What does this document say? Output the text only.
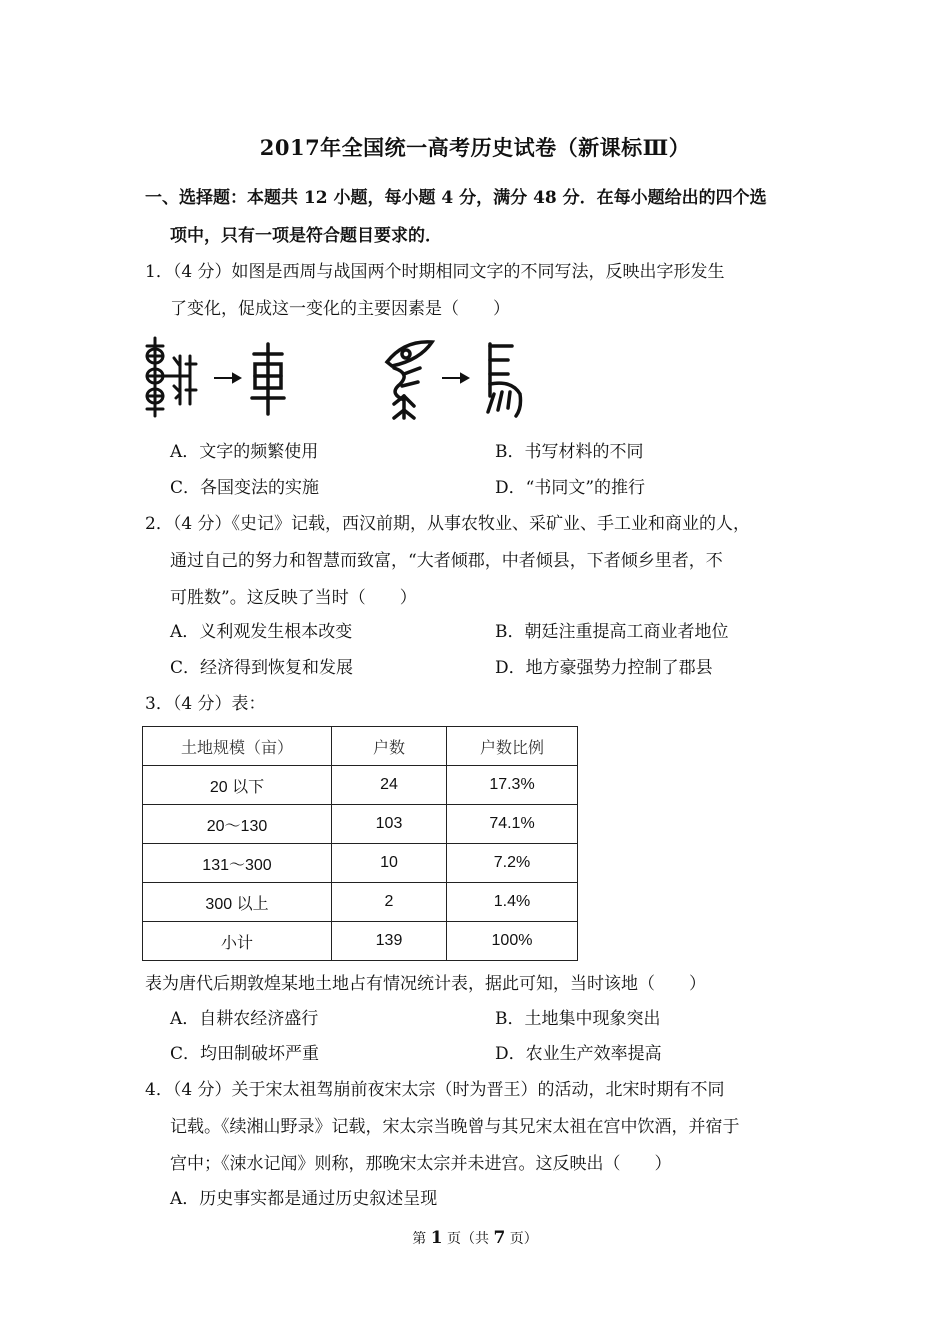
2017年全国统一高考历史试卷（新课标Ⅲ）
一、选择题：本题共 12 小题，每小题 4 分，满分 48 分．在每小题给出的四个选
项中，只有一项是符合题目要求的．
1．（4 分）如图是西周与战国两个时期相同文字的不同写法，反映出字形发生
了变化，促成这一变化的主要因素是（　　）
A．文字的频繁使用	B．书写材料的不同
C．各国变法的实施	D．“书同文”的推行
2．（4 分）《史记》记载，西汉前期，从事农牧业、采矿业、手工业和商业的人，
通过自己的努力和智慧而致富，“大者倾郡，中者倾县，下者倾乡里者，不
可胜数”。这反映了当时（　　）
A．义利观发生根本改变	B．朝廷注重提高工商业者地位
C．经济得到恢复和发展	D．地方豪强势力控制了郡县
3．（4 分）表：
土地规模（亩）	户数	户数比例
20 以下	24	17.3%
20～130	103	74.1%
131～300	10	7.2%
300 以上	2	1.4%
小计	139	100%
表为唐代后期敦煌某地土地占有情况统计表，据此可知，当时该地（　　）
A．自耕农经济盛行	B．土地集中现象突出
C．均田制破坏严重	D．农业生产效率提高
4．（4 分）关于宋太祖驾崩前夜宋太宗（时为晋王）的活动，北宋时期有不同
记载。《续湘山野录》记载，宋太宗当晚曾与其兄宋太祖在宫中饮酒，并宿于
宫中；《涑水记闻》则称，那晚宋太宗并未进宫。这反映出（　　）
A．历史事实都是通过历史叙述呈现
第 1 页（共 7 页）
